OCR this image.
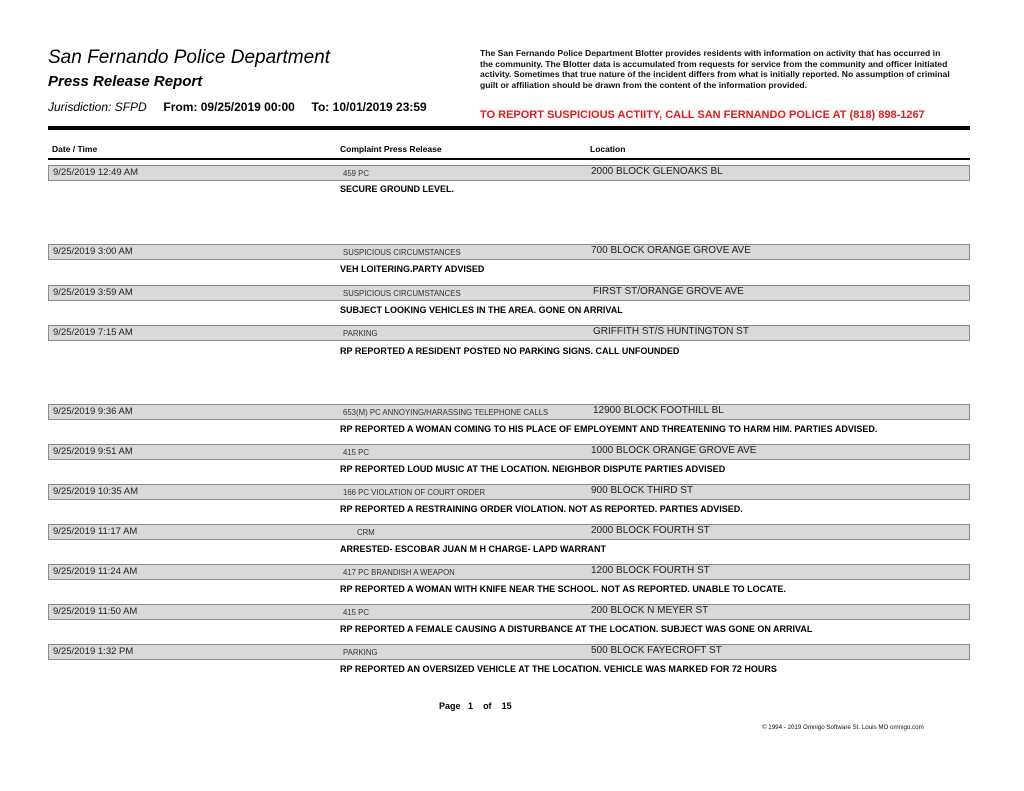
San Fernando Police Department
Press Release Report
Jurisdiction: SFPD From: 09/25/2019 00:00 To: 10/01/2019 23:59
The San Fernando Police Department Blotter provides residents with information on activity that has occurred in the community. The Blotter data is accumulated from requests for service from the community and officer initiated activity. Sometimes that true nature of the incident differs from what is initially reported. No assumption of criminal guilt or affiliation should be drawn from the content of the information provided.
TO REPORT SUSPICIOUS ACTIITY, CALL SAN FERNANDO POLICE AT (818) 898-1267
Date / Time	Complaint Press Release	Location
9/25/2019 12:49 AM	459 PC	2000 BLOCK GLENOAKS BL
SECURE GROUND LEVEL.
9/25/2019 3:00 AM	SUSPICIOUS CIRCUMSTANCES	700 BLOCK ORANGE GROVE AVE
VEH LOITERING.PARTY ADVISED
9/25/2019 3:59 AM	SUSPICIOUS CIRCUMSTANCES	FIRST ST/ORANGE GROVE AVE
SUBJECT LOOKING VEHICLES IN THE AREA. GONE ON ARRIVAL
9/25/2019 7:15 AM	PARKING	GRIFFITH ST/S HUNTINGTON ST
RP REPORTED A RESIDENT POSTED NO PARKING SIGNS. CALL UNFOUNDED
9/25/2019 9:36 AM	653(M) PC ANNOYING/HARASSING TELEPHONE CALLS	12900 BLOCK FOOTHILL BL
RP REPORTED A WOMAN COMING TO HIS PLACE OF EMPLOYEMNT AND THREATENING TO HARM HIM. PARTIES ADVISED.
9/25/2019 9:51 AM	415 PC	1000 BLOCK ORANGE GROVE AVE
RP REPORTED LOUD MUSIC AT THE LOCATION. NEIGHBOR DISPUTE PARTIES ADVISED
9/25/2019 10:35 AM	166 PC VIOLATION OF COURT ORDER	900 BLOCK THIRD ST
RP REPORTED A RESTRAINING ORDER VIOLATION. NOT AS REPORTED. PARTIES ADVISED.
9/25/2019 11:17 AM	CRM	2000 BLOCK FOURTH ST
ARRESTED- ESCOBAR JUAN M H CHARGE- LAPD WARRANT
9/25/2019 11:24 AM	417 PC BRANDISH A WEAPON	1200 BLOCK FOURTH ST
RP REPORTED A WOMAN WITH KNIFE NEAR THE SCHOOL. NOT AS REPORTED. UNABLE TO LOCATE.
9/25/2019 11:50 AM	415 PC	200 BLOCK N MEYER ST
RP REPORTED A FEMALE CAUSING A DISTURBANCE AT THE LOCATION. SUBJECT WAS GONE ON ARRIVAL
9/25/2019 1:32 PM	PARKING	500 BLOCK FAYECROFT ST
RP REPORTED AN OVERSIZED VEHICLE AT THE LOCATION. VEHICLE WAS MARKED FOR 72 HOURS
Page 1 of 15
© 1994 - 2019 Omnigo Software St. Louis MO omnigo.com
